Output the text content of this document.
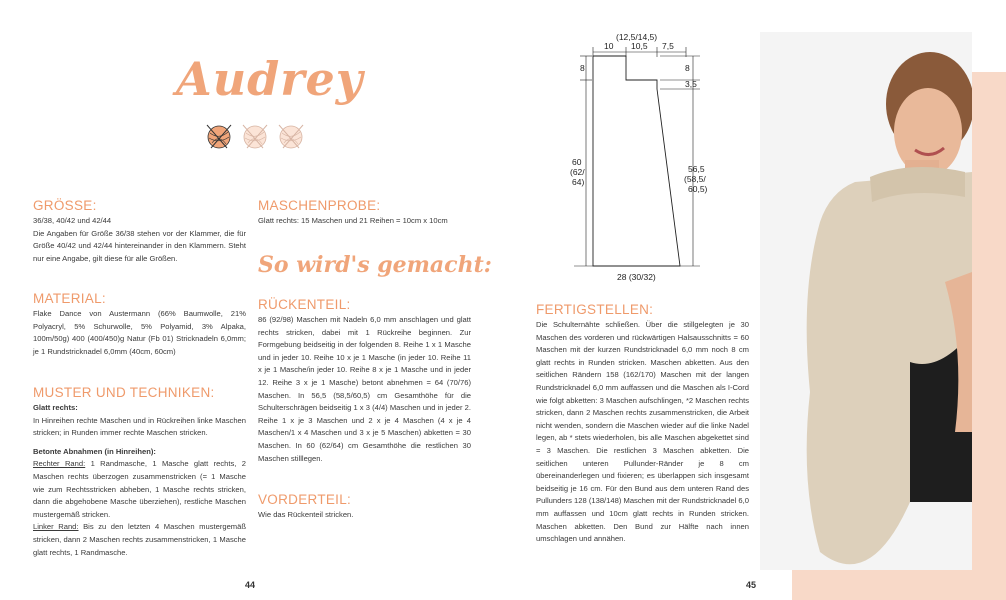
Audrey
GRÖSSE:
36/38, 40/42 und 42/44
Die Angaben für Größe 36/38 stehen vor der Klammer, die für Größe 40/42 und 42/44 hintereinander in den Klammern. Steht nur eine Angabe, gilt diese für alle Größen.
MATERIAL:
Flake Dance von Austermann (66% Baumwolle, 21% Polyacryl, 5% Schurwolle, 5% Polyamid, 3% Alpaka, 100m/50g) 400 (400/450)g Natur (Fb 01) Stricknadeln 6,0mm; je 1 Rundstricknadel 6,0mm (40cm, 60cm)
MUSTER UND TECHNIKEN:
Glatt rechts:
In Hinreihen rechte Maschen und in Rückreihen linke Maschen stricken; in Runden immer rechte Maschen stricken.
Betonte Abnahmen (in Hinreihen):
Rechter Rand: 1 Randmasche, 1 Masche glatt rechts, 2 Maschen rechts überzogen zusammenstricken (= 1 Masche wie zum Rechtsstricken abheben, 1 Masche rechts stricken, dann die abgehobene Masche überziehen), restliche Maschen mustergemäß stricken.
Linker Rand: Bis zu den letzten 4 Maschen mustergemäß stricken, dann 2 Maschen rechts zusammenstricken, 1 Masche glatt rechts, 1 Randmasche.
MASCHENPROBE:
Glatt rechts: 15 Maschen und 21 Reihen = 10cm x 10cm
So wird's gemacht:
RÜCKENTEIL:
86 (92/98) Maschen mit Nadeln 6,0 mm anschlagen und glatt rechts stricken, dabei mit 1 Rückreihe beginnen. Zur Formgebung beidseitig in der folgenden 8. Reihe 1 x 1 Masche und in jeder 10. Reihe 10 x je 1 Masche (in jeder 10. Reihe 11 x je 1 Masche/in jeder 10. Reihe 8 x je 1 Masche und in jeder 12. Reihe 3 x je 1 Masche) betont abnehmen = 64 (70/76) Maschen. In 56,5 (58,5/60,5) cm Gesamthöhe für die Schulterschrägen beidseitig 1 x 3 (4/4) Maschen und in jeder 2. Reihe 1 x je 3 Maschen und 2 x je 4 Maschen (4 x je 4 Maschen/1 x 4 Maschen und 3 x je 5 Maschen) abketten = 30 Maschen. In 60 (62/64) cm Gesamthöhe die restlichen 30 Maschen stilllegen.
VORDERTEIL:
Wie das Rückenteil stricken.
44
(12,5/14,5)
10 10,5 7,5
8
60
(62/
64)
8
3,5
56,5
(58,5/
60,5)
28 (30/32)
FERTIGSTELLEN:
Die Schulternähte schließen. Über die stillgelegten je 30 Maschen des vorderen und rückwärtigen Halsausschnitts = 60 Maschen mit der kurzen Rundstricknadel 6,0 mm noch 8 cm glatt rechts in Runden stricken. Maschen abketten. Aus den seitlichen Rändern 158 (162/170) Maschen mit der langen Rundstricknadel 6,0 mm auffassen und die Maschen als I-Cord wie folgt abketten: 3 Maschen aufschlingen, *2 Maschen rechts stricken, dann 2 Maschen rechts zusammenstricken, die Arbeit nicht wenden, sondern die Maschen wieder auf die linke Nadel legen, ab * stets wiederholen, bis alle Maschen abgekettet sind = 3 Maschen. Die restlichen 3 Maschen abketten. Die seitlichen unteren Pullunder-Ränder je 8 cm übereinanderlegen und fixieren; es überlappen sich insgesamt beidseitig je 16 cm. Für den Bund aus dem unteren Rand des Pullunders 128 (138/148) Maschen mit der Rundstricknadel 6,0 mm auffassen und 10cm glatt rechts in Runden stricken. Maschen abketten. Den Bund zur Hälfte nach innen umschlagen und annähen.
45
